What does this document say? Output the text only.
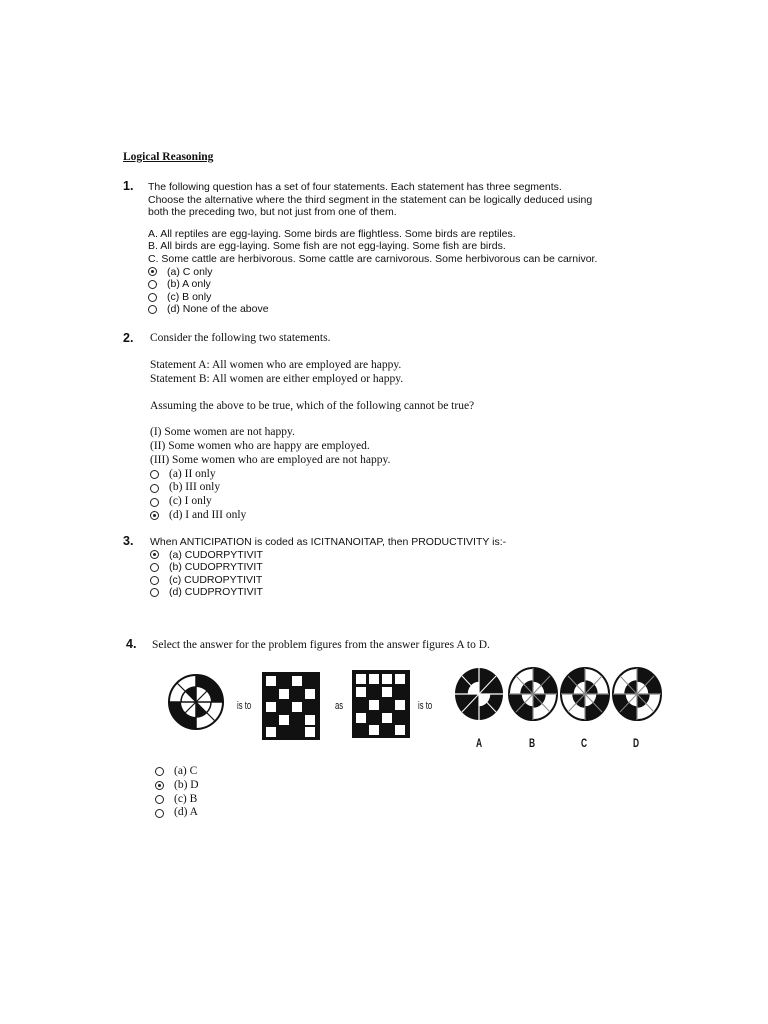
Logical Reasoning
1. The following question has a set of four statements. Each statement has three segments.

Choose the alternative where the third segment in the statement can be logically deduced using

both the preceding two, but not just from one of them.

A. All reptiles are egg-laying. Some birds are flightless. Some birds are reptiles.

B. All birds are egg-laying. Some fish are not egg-laying. Some fish are birds.

C. Some cattle are herbivorous. Some cattle are carnivorous. Some herbivorous can be carnivor.

(a) C only
(b) A only
(c) B only
(d) None of the above
2. Consider the following two statements.

Statement A: All women who are employed are happy.

Statement B: All women are either employed or happy.

Assuming the above to be true, which of the following cannot be true?

(I) Some women are not happy.

(II) Some women who are happy are employed.

(III) Some women who are employed are not happy.

(a) II only
(b) III only
(c) I only
(d) I and III only
3. When ANTICIPATION is coded as ICITNANOITAP, then PRODUCTIVITY is:-

(a) CUDORPYTIVIT
(b) CUDOPRYTIVIT
(c) CUDROPYTIVIT
(d) CUDPROYTIVIT
4. Select the answer for the problem figures from the answer figures A to D.
is to	as	is to
A	B	C	D
(a) C
(b) D
(c) B
(d) A
